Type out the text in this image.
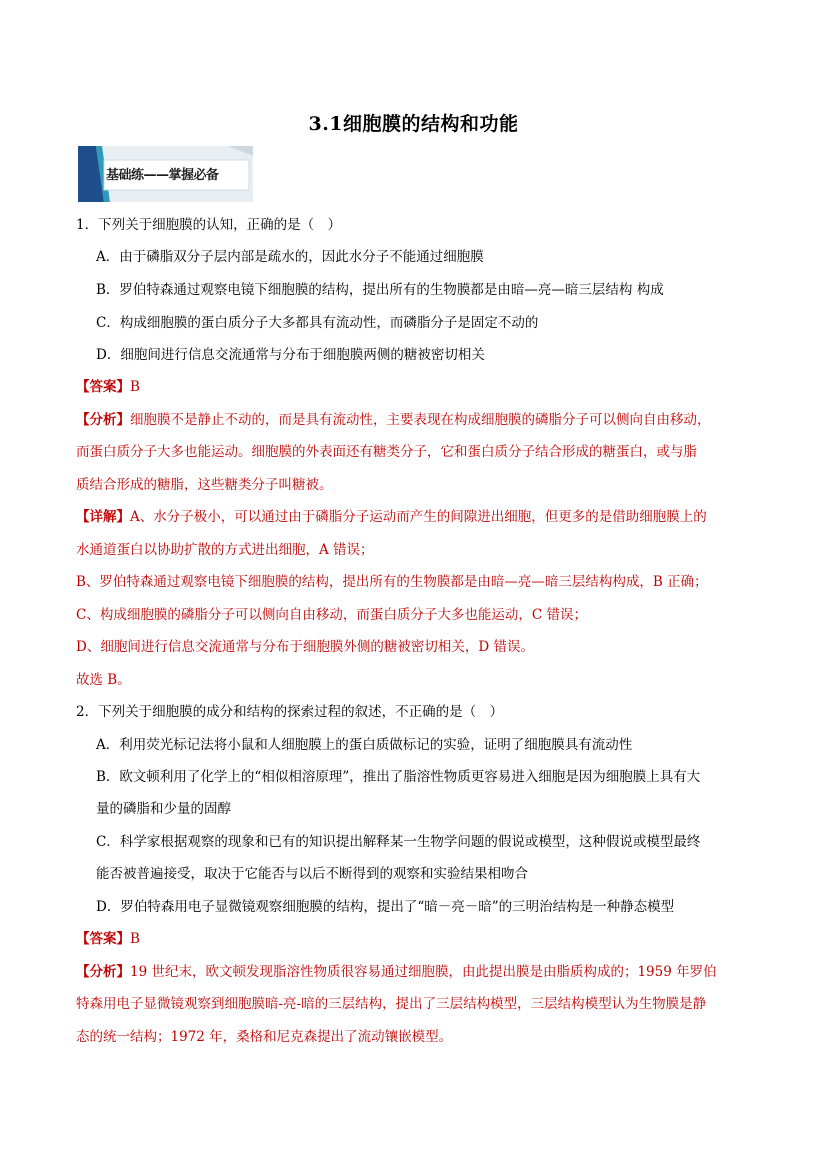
3.1细胞膜的结构和功能
基础练——掌握必备
1．下列关于细胞膜的认知，正确的是（　）
A．由于磷脂双分子层内部是疏水的，因此水分子不能通过细胞膜
B．罗伯特森通过观察电镜下细胞膜的结构，提出所有的生物膜都是由暗—亮—暗三层结构 构成
C．构成细胞膜的蛋白质分子大多都具有流动性，而磷脂分子是固定不动的
D．细胞间进行信息交流通常与分布于细胞膜两侧的糖被密切相关
【答案】B
【分析】细胞膜不是静止不动的，而是具有流动性，主要表现在构成细胞膜的磷脂分子可以侧向自由移动，
而蛋白质分子大多也能运动。细胞膜的外表面还有糖类分子，它和蛋白质分子结合形成的糖蛋白，或与脂
质结合形成的糖脂，这些糖类分子叫糖被。
【详解】A、水分子极小，可以通过由于磷脂分子运动而产生的间隙进出细胞，但更多的是借助细胞膜上的
水通道蛋白以协助扩散的方式进出细胞，A 错误；
B、罗伯特森通过观察电镜下细胞膜的结构，提出所有的生物膜都是由暗—亮—暗三层结构构成，B 正确；
C、构成细胞膜的磷脂分子可以侧向自由移动，而蛋白质分子大多也能运动，C 错误；
D、细胞间进行信息交流通常与分布于细胞膜外侧的糖被密切相关，D 错误。
故选 B。
2．下列关于细胞膜的成分和结构的探索过程的叙述，不正确的是（　）
A．利用荧光标记法将小鼠和人细胞膜上的蛋白质做标记的实验，证明了细胞膜具有流动性
B．欧文顿利用了化学上的“相似相溶原理”，推出了脂溶性物质更容易进入细胞是因为细胞膜上具有大
量的磷脂和少量的固醇
C．科学家根据观察的现象和已有的知识提出解释某一生物学问题的假说或模型，这种假说或模型最终
能否被普遍接受，取决于它能否与以后不断得到的观察和实验结果相吻合
D．罗伯特森用电子显微镜观察细胞膜的结构，提出了“暗－亮－暗”的三明治结构是一种静态模型
【答案】B
【分析】19 世纪末，欧文顿发现脂溶性物质很容易通过细胞膜，由此提出膜是由脂质构成的；1959 年罗伯
特森用电子显微镜观察到细胞膜暗-亮-暗的三层结构，提出了三层结构模型，三层结构模型认为生物膜是静
态的统一结构；1972 年，桑格和尼克森提出了流动镶嵌模型。
